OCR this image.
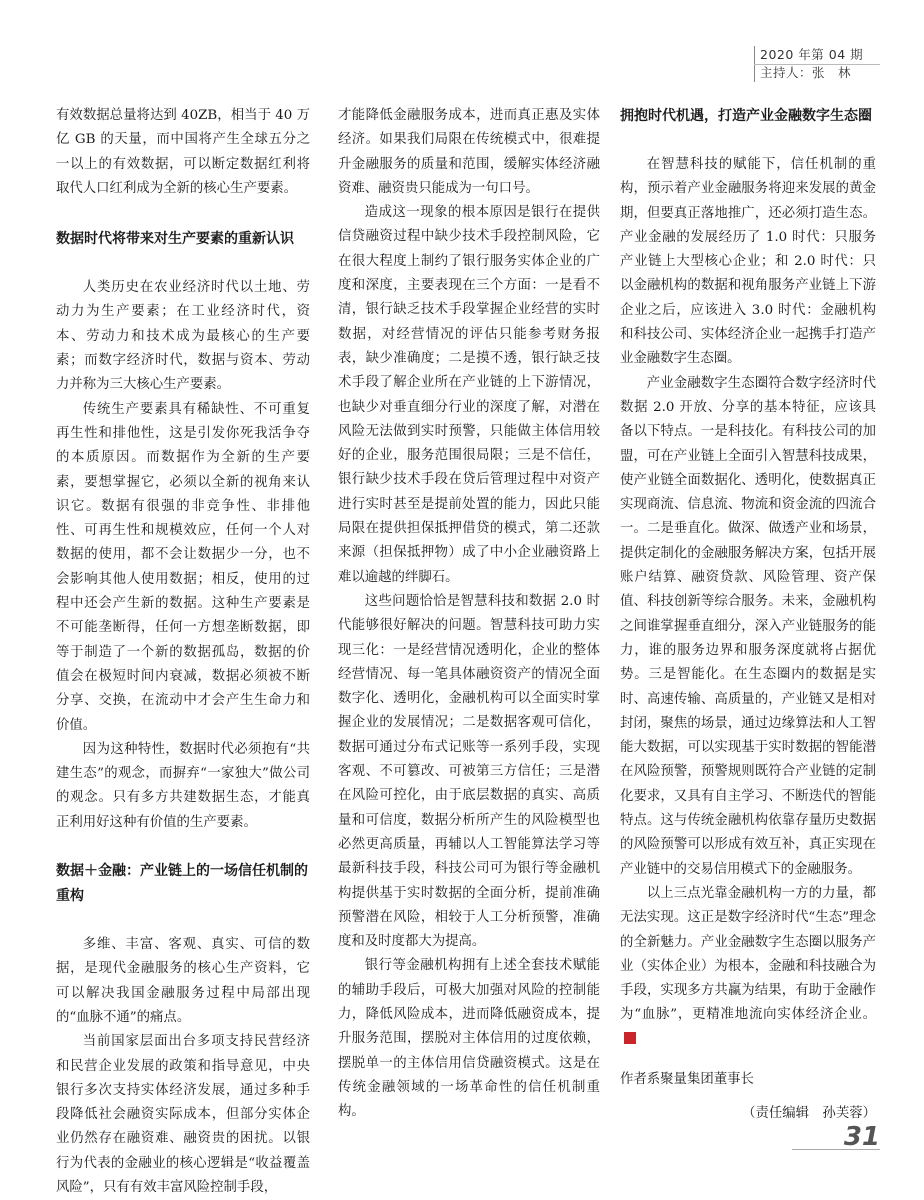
2020 年第 04 期
主持人：张　林

有效数据总量将达到 40ZB，相当于 40 万亿 GB 的天量，而中国将产生全球五分之一以上的有效数据，可以断定数据红利将取代人口红利成为全新的核心生产要素。

数据时代将带来对生产要素的重新认识

人类历史在农业经济时代以土地、劳动力为生产要素；在工业经济时代，资本、劳动力和技术成为最核心的生产要素；而数字经济时代，数据与资本、劳动力并称为三大核心生产要素。

传统生产要素具有稀缺性、不可重复再生性和排他性，这是引发你死我活争夺的本质原因。而数据作为全新的生产要素，要想掌握它，必须以全新的视角来认识它。数据有很强的非竞争性、非排他性、可再生性和规模效应，任何一个人对数据的使用，都不会让数据少一分，也不会影响其他人使用数据；相反，使用的过程中还会产生新的数据。这种生产要素是不可能垄断得，任何一方想垄断数据，即等于制造了一个新的数据孤岛，数据的价值会在极短时间内衰减，数据必须被不断分享、交换，在流动中才会产生生命力和价值。

因为这种特性，数据时代必须抱有“共建生态”的观念，而摒弃“一家独大”做公司的观念。只有多方共建数据生态，才能真正利用好这种有价值的生产要素。

数据＋金融：产业链上的一场信任机制的重构

多维、丰富、客观、真实、可信的数据，是现代金融服务的核心生产资料，它可以解决我国金融服务过程中局部出现的“血脉不通”的痛点。

当前国家层面出台多项支持民营经济和民营企业发展的政策和指导意见，中央银行多次支持实体经济发展，通过多种手段降低社会融资实际成本，但部分实体企业仍然存在融资难、融资贵的困扰。以银行为代表的金融业的核心逻辑是“收益覆盖风险”，只有有效丰富风险控制手段，

才能降低金融服务成本，进而真正惠及实体经济。如果我们局限在传统模式中，很难提升金融服务的质量和范围，缓解实体经济融资难、融资贵只能成为一句口号。

造成这一现象的根本原因是银行在提供信贷融资过程中缺少技术手段控制风险，它在很大程度上制约了银行服务实体企业的广度和深度，主要表现在三个方面：一是看不清，银行缺乏技术手段掌握企业经营的实时数据，对经营情况的评估只能参考财务报表，缺少准确度；二是摸不透，银行缺乏技术手段了解企业所在产业链的上下游情况，也缺少对垂直细分行业的深度了解，对潜在风险无法做到实时预警，只能做主体信用较好的企业，服务范围很局限；三是不信任，银行缺少技术手段在贷后管理过程中对资产进行实时甚至是提前处置的能力，因此只能局限在提供担保抵押借贷的模式，第二还款来源（担保抵押物）成了中小企业融资路上难以逾越的绊脚石。

这些问题恰恰是智慧科技和数据 2.0 时代能够很好解决的问题。智慧科技可助力实现三化：一是经营情况透明化，企业的整体经营情况、每一笔具体融资资产的情况全面数字化、透明化，金融机构可以全面实时掌握企业的发展情况；二是数据客观可信化，数据可通过分布式记账等一系列手段，实现客观、不可篡改、可被第三方信任；三是潜在风险可控化，由于底层数据的真实、高质量和可信度，数据分析所产生的风险模型也必然更高质量，再辅以人工智能算法学习等最新科技手段，科技公司可为银行等金融机构提供基于实时数据的全面分析，提前准确预警潜在风险，相较于人工分析预警，准确度和及时度都大为提高。

银行等金融机构拥有上述全套技术赋能的辅助手段后，可极大加强对风险的控制能力，降低风险成本，进而降低融资成本，提升服务范围，摆脱对主体信用的过度依赖，摆脱单一的主体信用信贷融资模式。这是在传统金融领域的一场革命性的信任机制重构。

拥抱时代机遇，打造产业金融数字生态圈

在智慧科技的赋能下，信任机制的重构，预示着产业金融服务将迎来发展的黄金期，但要真正落地推广，还必须打造生态。产业金融的发展经历了 1.0 时代：只服务产业链上大型核心企业；和 2.0 时代：只以金融机构的数据和视角服务产业链上下游企业之后，应该进入 3.0 时代：金融机构和科技公司、实体经济企业一起携手打造产业金融数字生态圈。

产业金融数字生态圈符合数字经济时代数据 2.0 开放、分享的基本特征，应该具备以下特点。一是科技化。有科技公司的加盟，可在产业链上全面引入智慧科技成果，使产业链全面数据化、透明化，使数据真正实现商流、信息流、物流和资金流的四流合一。二是垂直化。做深、做透产业和场景，提供定制化的金融服务解决方案，包括开展账户结算、融资贷款、风险管理、资产保值、科技创新等综合服务。未来，金融机构之间谁掌握垂直细分，深入产业链服务的能力，谁的服务边界和服务深度就将占据优势。三是智能化。在生态圈内的数据是实时、高速传输、高质量的，产业链又是相对封闭，聚焦的场景，通过边缘算法和人工智能大数据，可以实现基于实时数据的智能潜在风险预警，预警规则既符合产业链的定制化要求，又具有自主学习、不断迭代的智能特点。这与传统金融机构依靠存量历史数据的风险预警可以形成有效互补，真正实现在产业链中的交易信用模式下的金融服务。

以上三点光靠金融机构一方的力量，都无法实现。这正是数字经济时代“生态”理念的全新魅力。产业金融数字生态圈以服务产业（实体企业）为根本，金融和科技融合为手段，实现多方共赢为结果，有助于金融作为“血脉”，更精准地流向实体经济企业。

作者系聚量集团董事长

（责任编辑　孙芙蓉）

31
